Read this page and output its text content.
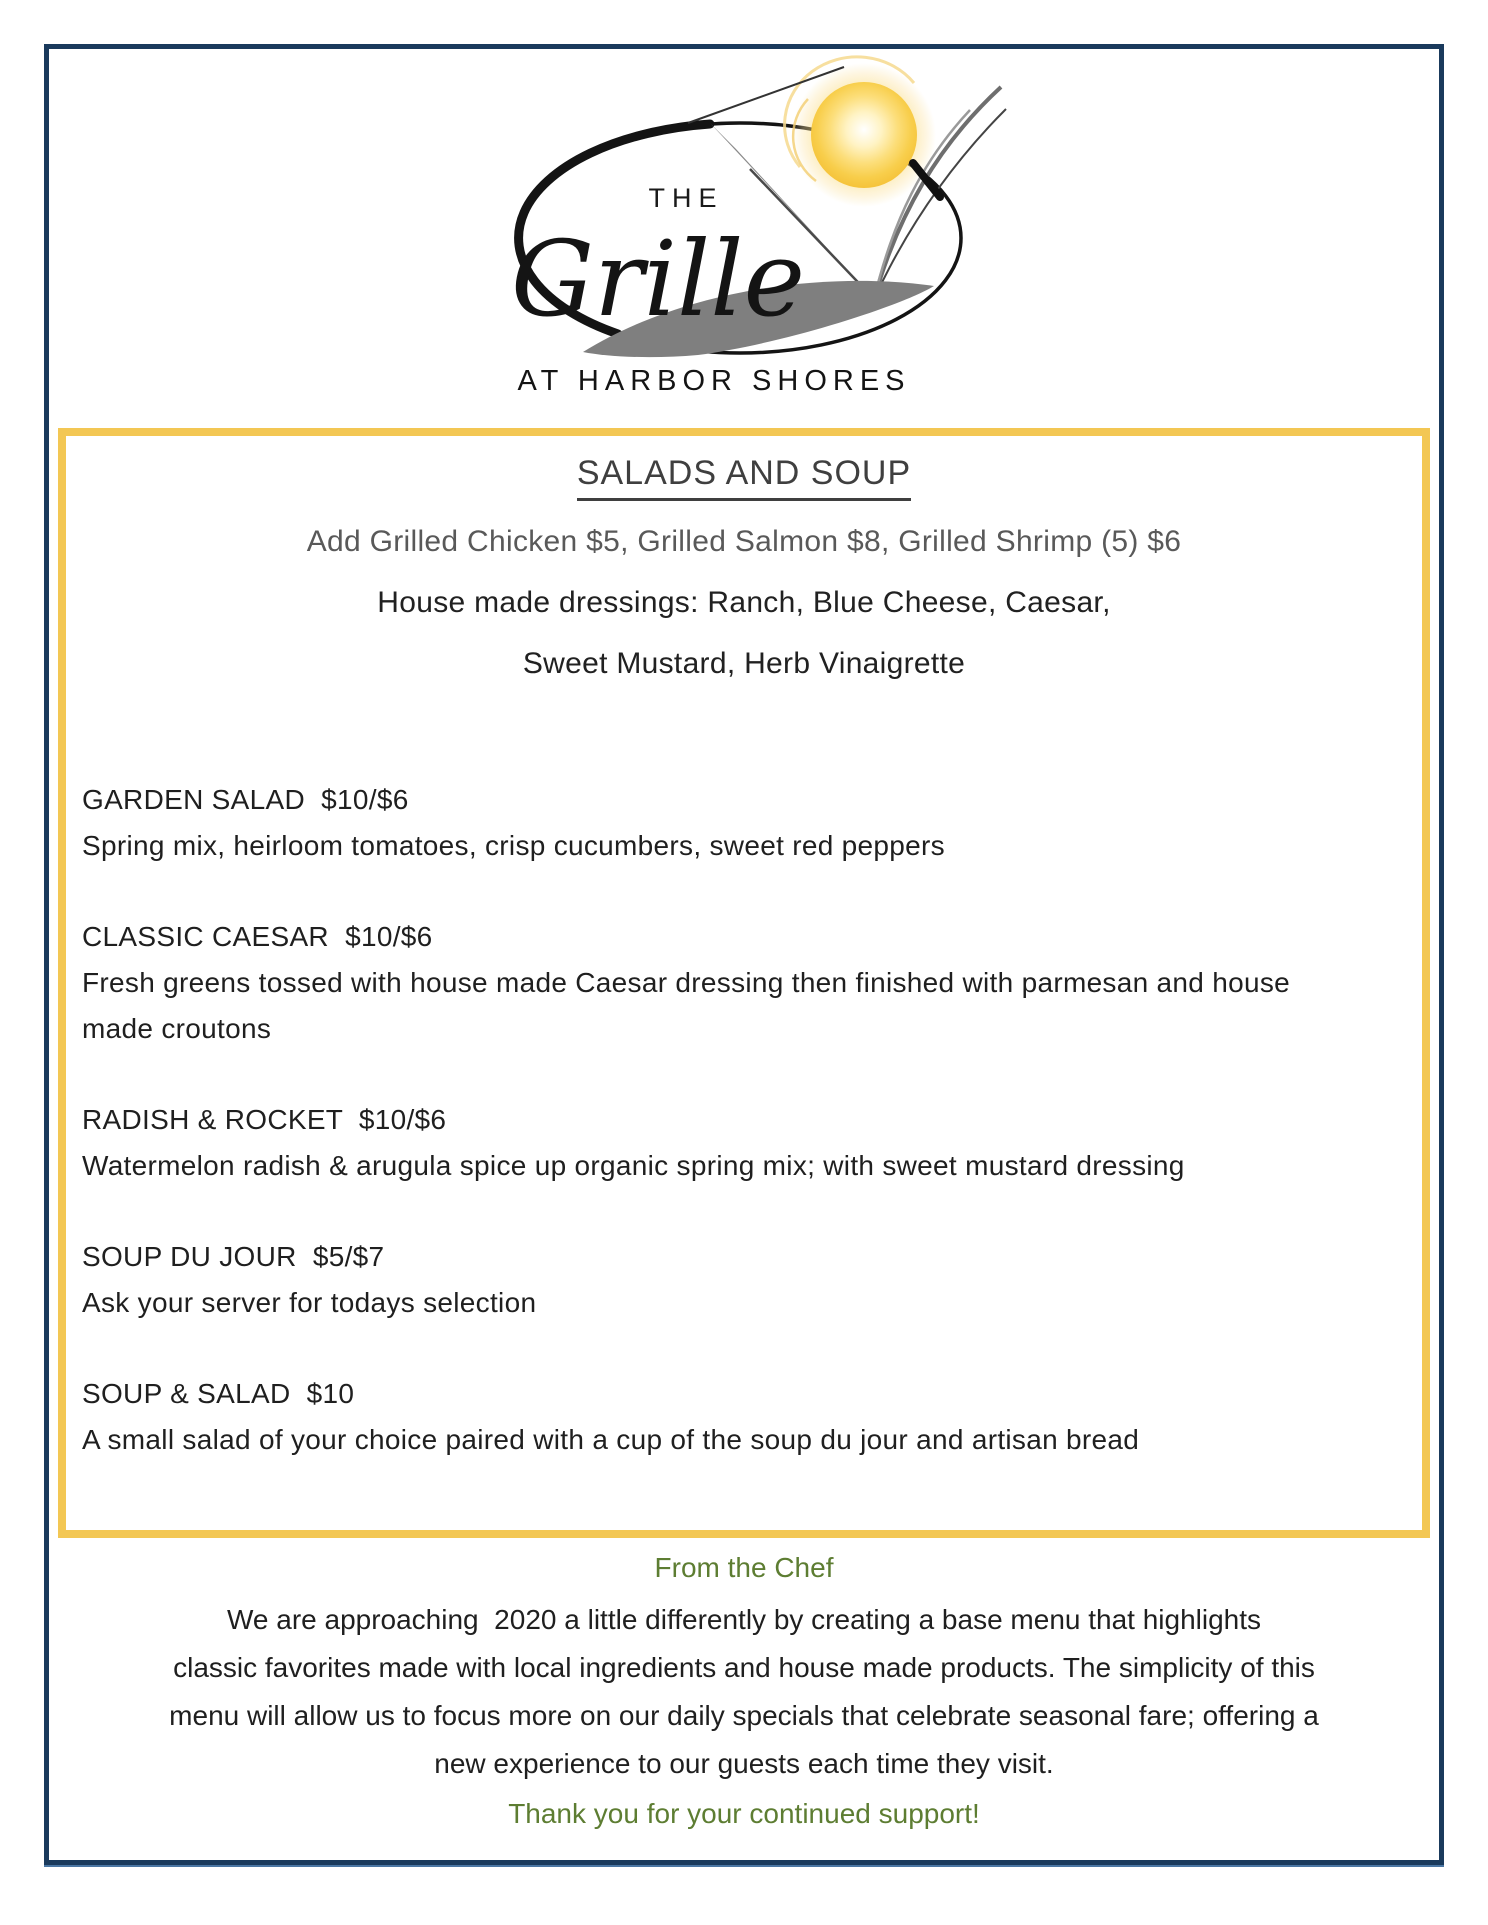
THE
Grille
AT HARBOR SHORES
SALADS AND SOUP
Add Grilled Chicken $5, Grilled Salmon $8, Grilled Shrimp (5) $6
House made dressings: Ranch, Blue Cheese, Caesar,
Sweet Mustard, Herb Vinaigrette
GARDEN SALAD  $10/$6
Spring mix, heirloom tomatoes, crisp cucumbers, sweet red peppers
CLASSIC CAESAR  $10/$6
Fresh greens tossed with house made Caesar dressing then finished with parmesan and house
made croutons
RADISH & ROCKET  $10/$6
Watermelon radish & arugula spice up organic spring mix; with sweet mustard dressing
SOUP DU JOUR  $5/$7
Ask your server for todays selection
SOUP & SALAD  $10
A small salad of your choice paired with a cup of the soup du jour and artisan bread
From the Chef
We are approaching  2020 a little differently by creating a base menu that highlights
classic favorites made with local ingredients and house made products. The simplicity of this
menu will allow us to focus more on our daily specials that celebrate seasonal fare; offering a
new experience to our guests each time they visit.
Thank you for your continued support!
